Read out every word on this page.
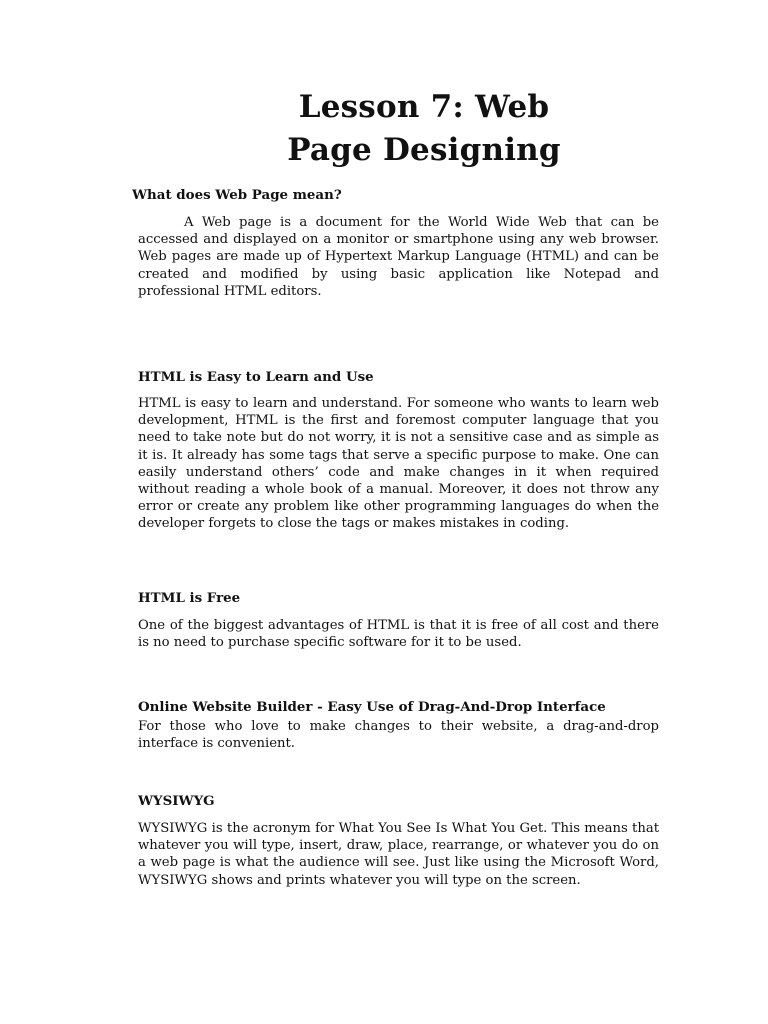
Lesson 7: Web
Page Designing
What does Web Page mean?
A Web page is a document for the World Wide Web that can be accessed and displayed on a monitor or smartphone using any web browser. Web pages are made up of Hypertext Markup Language (HTML) and can be created and modified by using basic application like Notepad and professional HTML editors.
HTML is Easy to Learn and Use
HTML is easy to learn and understand. For someone who wants to learn web development, HTML is the first and foremost computer language that you need to take note but do not worry, it is not a sensitive case and as simple as it is. It already has some tags that serve a specific purpose to make. One can easily understand others’ code and make changes in it when required without reading a whole book of a manual. Moreover, it does not throw any error or create any problem like other programming languages do when the developer forgets to close the tags or makes mistakes in coding.
HTML is Free
One of the biggest advantages of HTML is that it is free of all cost and there is no need to purchase specific software for it to be used.
Online Website Builder - Easy Use of Drag-And-Drop Interface
For those who love to make changes to their website, a drag-and-drop interface is convenient.
WYSIWYG
WYSIWYG is the acronym for What You See Is What You Get. This means that whatever you will type, insert, draw, place, rearrange, or whatever you do on a web page is what the audience will see. Just like using the Microsoft Word, WYSIWYG shows and prints whatever you will type on the screen.
